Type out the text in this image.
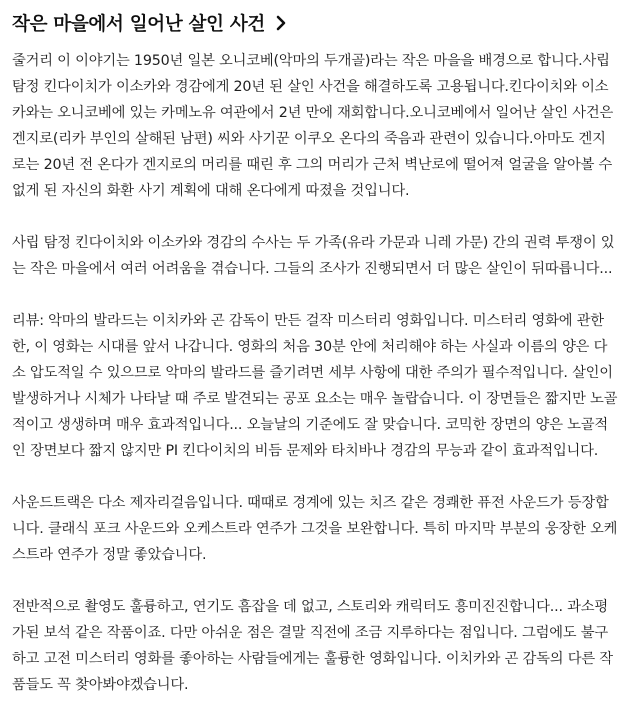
작은 마을에서 일어난 살인 사건

줄거리 이 이야기는 1950년 일본 오니코베(악마의 두개골)라는 작은 마을을 배경으로 합니다.사립 탐정 킨다이치가 이소카와 경감에게 20년 된 살인 사건을 해결하도록 고용됩니다.킨다이치와 이소카와는 오니코베에 있는 카메노유 여관에서 2년 만에 재회합니다.오니코베에서 일어난 살인 사건은 겐지로(리카 부인의 살해된 남편) 씨와 사기꾼 이쿠오 온다의 죽음과 관련이 있습니다.아마도 겐지로는 20년 전 온다가 겐지로의 머리를 때린 후 그의 머리가 근처 벽난로에 떨어져 얼굴을 알아볼 수 없게 된 자신의 화환 사기 계획에 대해 온다에게 따졌을 것입니다.

사립 탐정 킨다이치와 이소카와 경감의 수사는 두 가족(유라 가문과 니레 가문) 간의 권력 투쟁이 있는 작은 마을에서 여러 어려움을 겪습니다. 그들의 조사가 진행되면서 더 많은 살인이 뒤따릅니다...

리뷰: 악마의 발라드는 이치카와 곤 감독이 만든 걸작 미스터리 영화입니다. 미스터리 영화에 관한 한, 이 영화는 시대를 앞서 나갑니다. 영화의 처음 30분 안에 처리해야 하는 사실과 이름의 양은 다소 압도적일 수 있으므로 악마의 발라드를 즐기려면 세부 사항에 대한 주의가 필수적입니다. 살인이 발생하거나 시체가 나타날 때 주로 발견되는 공포 요소는 매우 놀랍습니다. 이 장면들은 짧지만 노골적이고 생생하며 매우 효과적입니다... 오늘날의 기준에도 잘 맞습니다. 코믹한 장면의 양은 노골적인 장면보다 짧지 않지만 PI 킨다이치의 비듬 문제와 타치바나 경감의 무능과 같이 효과적입니다.

사운드트랙은 다소 제자리걸음입니다. 때때로 경계에 있는 치즈 같은 경쾌한 퓨전 사운드가 등장합니다. 클래식 포크 사운드와 오케스트라 연주가 그것을 보완합니다. 특히 마지막 부분의 웅장한 오케스트라 연주가 정말 좋았습니다.

전반적으로 촬영도 훌륭하고, 연기도 흠잡을 데 없고, 스토리와 캐릭터도 흥미진진합니다... 과소평가된 보석 같은 작품이죠. 다만 아쉬운 점은 결말 직전에 조금 지루하다는 점입니다. 그럼에도 불구하고 고전 미스터리 영화를 좋아하는 사람들에게는 훌륭한 영화입니다. 이치카와 곤 감독의 다른 작품들도 꼭 찾아봐야겠습니다.
